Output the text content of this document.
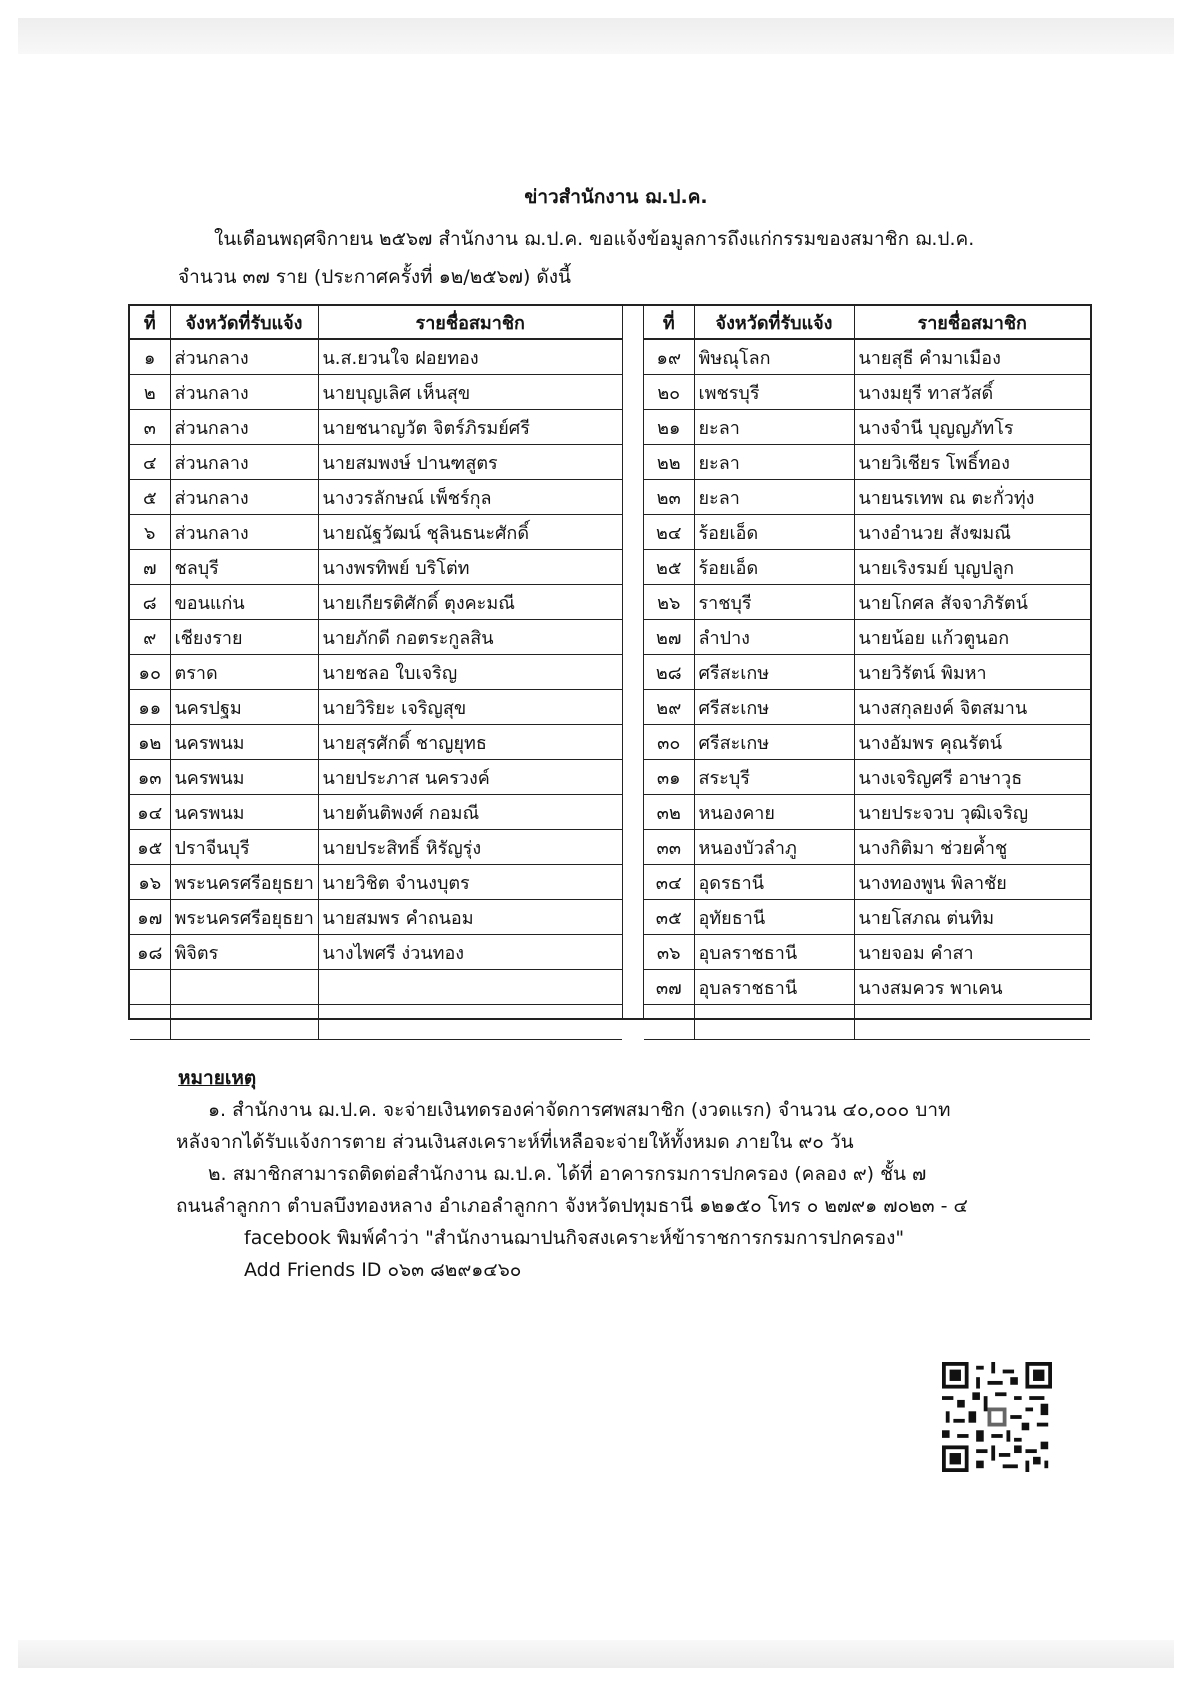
ข่าวสำนักงาน ฌ.ป.ค.
ในเดือนพฤศจิกายน ๒๕๖๗ สำนักงาน ฌ.ป.ค. ขอแจ้งข้อมูลการถึงแก่กรรมของสมาชิก ฌ.ป.ค.
จำนวน ๓๗ ราย (ประกาศครั้งที่ ๑๒/๒๕๖๗) ดังนี้
ที่	จังหวัดที่รับแจ้ง	รายชื่อสมาชิก
๑	ส่วนกลาง	น.ส.ยวนใจ ฝอยทอง
๒	ส่วนกลาง	นายบุญเลิศ เห็นสุข
๓	ส่วนกลาง	นายชนาญวัต จิตร์ภิรมย์ศรี
๔	ส่วนกลาง	นายสมพงษ์ ปานฑสูตร
๕	ส่วนกลาง	นางวรลักษณ์ เพ็ชร์กุล
๖	ส่วนกลาง	นายณัฐวัฒน์ ชุลินธนะศักดิ์
๗	ชลบุรี	นางพรทิพย์ บริโต่ท
๘	ขอนแก่น	นายเกียรติศักดิ์ ตุงคะมณี
๙	เชียงราย	นายภักดี กอตระกูลสิน
๑๐	ตราด	นายชลอ ใบเจริญ
๑๑	นครปฐม	นายวิริยะ เจริญสุข
๑๒	นครพนม	นายสุรศักดิ์ ชาญยุทธ
๑๓	นครพนม	นายประภาส นครวงค์
๑๔	นครพนม	นายต้นติพงศ์ กอมณี
๑๕	ปราจีนบุรี	นายประสิทธิ์ หิรัญรุ่ง
๑๖	พระนครศรีอยุธยา	นายวิชิต จำนงบุตร
๑๗	พระนครศรีอยุธยา	นายสมพร คำถนอม
๑๘	พิจิตร	นางไพศรี ง่วนทอง

ที่	จังหวัดที่รับแจ้ง	รายชื่อสมาชิก
๑๙	พิษณุโลก	นายสุธี คำมาเมือง
๒๐	เพชรบุรี	นางมยุรี ทาสวัสดิ์
๒๑	ยะลา	นางจำนี บุญญภัทโร
๒๒	ยะลา	นายวิเชียร โพธิ์ทอง
๒๓	ยะลา	นายนรเทพ ณ ตะกั่วทุ่ง
๒๔	ร้อยเอ็ด	นางอำนวย สังฆมณี
๒๕	ร้อยเอ็ด	นายเริงรมย์ บุญปลูก
๒๖	ราชบุรี	นายโกศล สัจจาภิรัตน์
๒๗	ลำปาง	นายน้อย แก้วตูนอก
๒๘	ศรีสะเกษ	นายวิรัตน์ พิมหา
๒๙	ศรีสะเกษ	นางสกุลยงค์ จิตสมาน
๓๐	ศรีสะเกษ	นางอัมพร คุณรัตน์
๓๑	สระบุรี	นางเจริญศรี อาษาวุธ
๓๒	หนองคาย	นายประจวบ วุฒิเจริญ
๓๓	หนองบัวลำภู	นางกิติมา ช่วยค้ำชู
๓๔	อุดรธานี	นางทองพูน พิลาชัย
๓๕	อุทัยธานี	นายโสภณ ต่นทิม
๓๖	อุบลราชธานี	นายจอม คำสา
๓๗	อุบลราชธานี	นางสมควร พาเคน

หมายเหตุ
๑. สำนักงาน ฌ.ป.ค. จะจ่ายเงินทดรองค่าจัดการศพสมาชิก (งวดแรก) จำนวน ๔๐,๐๐๐ บาท
หลังจากได้รับแจ้งการตาย ส่วนเงินสงเคราะห์ที่เหลือจะจ่ายให้ทั้งหมด ภายใน ๙๐ วัน
๒. สมาชิกสามารถติดต่อสำนักงาน ฌ.ป.ค. ได้ที่ อาคารกรมการปกครอง (คลอง ๙) ชั้น ๗
ถนนลำลูกกา ตำบลบึงทองหลาง อำเภอลำลูกกา จังหวัดปทุมธานี ๑๒๑๕๐ โทร ๐ ๒๗๙๑ ๗๐๒๓ - ๔
facebook พิมพ์คำว่า "สำนักงานฌาปนกิจสงเคราะห์ข้าราชการกรมการปกครอง"
Add Friends ID ๐๖๓ ๘๒๙๑๔๖๐
